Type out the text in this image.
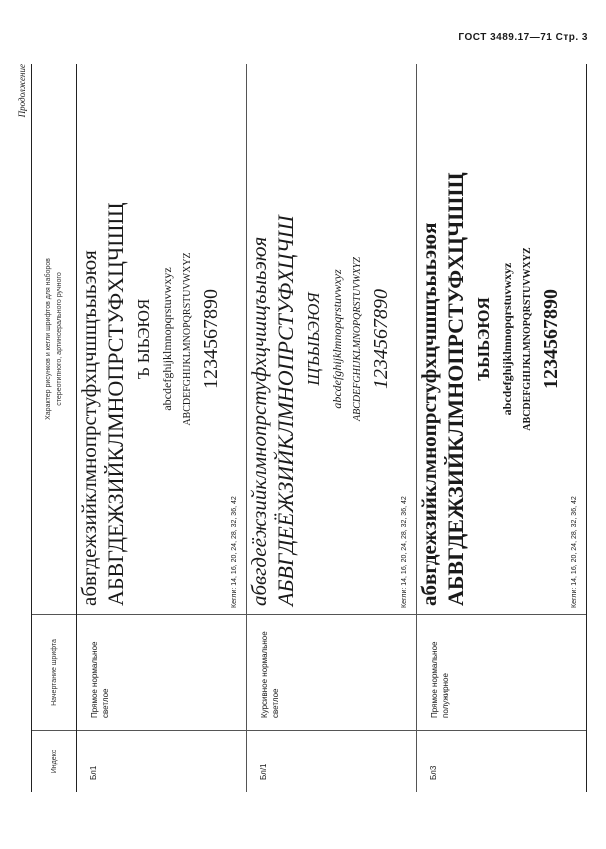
ГОСТ 3489.17—71 Стр. 3
Продолжение
Индекс
Начертание шрифта
Характер рисунков и кегли шрифтов для наборов стереотипного, артинсерального ручного
Бл1
Прямое нормальное светлое
абвгдежзийклмнопрстуфхцчшщъыьэюя АБВГДЕЖЗИЙКЛМНОПРСТУФХЦЧШЩ Ъ ЫЬЭЮЯ abcdefghijklmnopqrstuvwxyz ABCDEFGHIJKLMNOPQRSTUVWXYZ 1234567890
Кегли: 14, 16, 20, 24, 28, 32, 36, 42
Бл/1
Курсивное нормальное светлое
абвгдеёжзийклмнопрстуфхцчшщъыьэюя АБВГДЕЁЖЗИЙКЛМНОПРСТУФХЦЧШ ЩЪЫЬЭЮЯ abcdefghijklmnopqrstuvwxyz ABCDEFGHIJKLMNOPQRSTUVWXYZ 1234567890
Кегли: 14, 16, 20, 24, 28, 32, 36, 42
Бл3
Прямое нормальное полужирное
абвгдежзийклмнопрстуфхцчшщъыьэюя АБВГДЕЖЗИЙКЛМНОПРСТУФХЦЧШЩ ЪЫЬЭЮЯ abcdefghijklmnopqrstuvwxyz ABCDEFGHIJKLMNOPQRSTUVWXYZ 1234567890
Кегли: 14, 16, 20, 24, 28, 32, 36, 42
